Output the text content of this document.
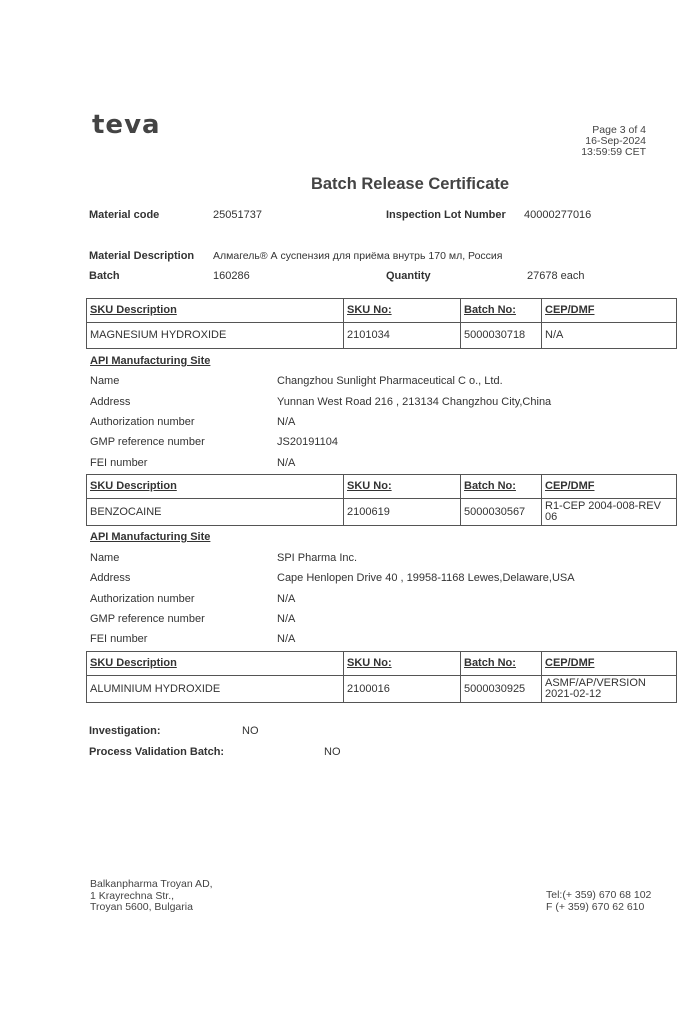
teva	Page 3 of 4
16-Sep-2024
13:59:59 CET
Batch Release Certificate
Material code	25051737	Inspection Lot Number 40000277016
Material Description Алмагель® А суспензия для приёма внутрь 170 мл, Россия
Batch	160286	Quantity	27678 each
SKU Description	SKU No:	Batch No:	CEP/DMF
MAGNESIUM HYDROXIDE	2101034	5000030718	N/A
API Manufacturing Site
Name	Changzhou Sunlight Pharmaceutical C o., Ltd.
Address	Yunnan West Road 216 , 213134 Changzhou City,China
Authorization number	N/A
GMP reference number	JS20191104
FEI number	N/A
SKU Description	SKU No:	Batch No:	CEP/DMF
BENZOCAINE	2100619	5000030567	R1-CEP 2004-008-REV 06
API Manufacturing Site
Name	SPI Pharma Inc.
Address	Cape Henlopen Drive 40 , 19958-1168 Lewes,Delaware,USA
Authorization number	N/A
GMP reference number	N/A
FEI number	N/A
SKU Description	SKU No:	Batch No:	CEP/DMF
ALUMINIUM HYDROXIDE	2100016	5000030925	ASMF/AP/VERSION 2021-02-12
Investigation:	NO
Process Validation Batch:	NO
Balkanpharma Troyan AD,
1 Krayrechna Str.,
Troyan 5600, Bulgaria
Tel:(+ 359) 670 68 102
F (+ 359) 670 62 610
